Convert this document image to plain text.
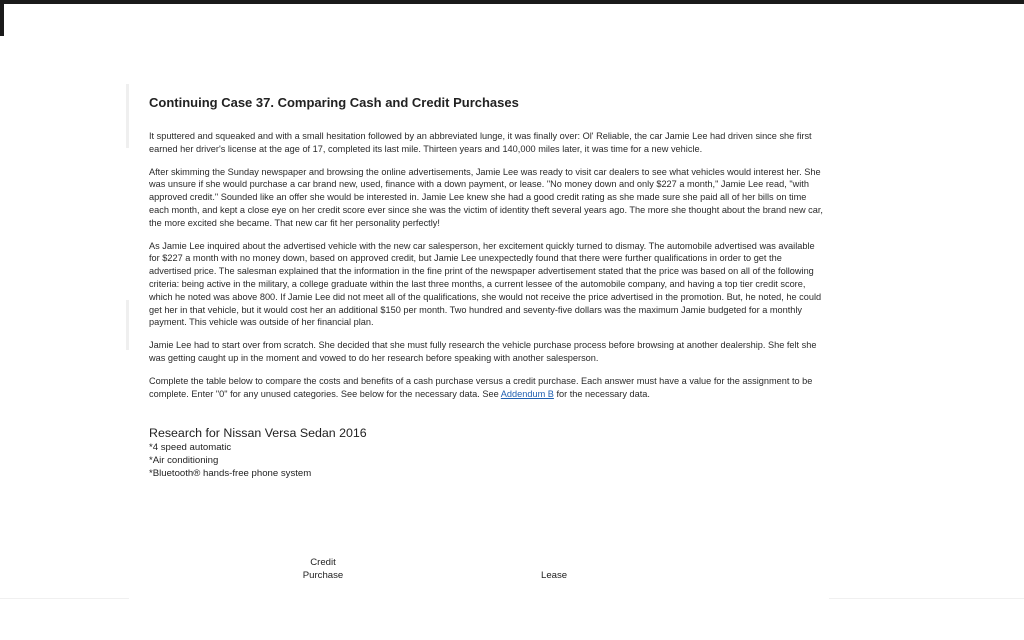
Continuing Case 37. Comparing Cash and Credit Purchases

It sputtered and squeaked and with a small hesitation followed by an abbreviated lunge, it was finally over: Ol' Reliable, the car Jamie Lee had driven since she first earned her driver's license at the age of 17, completed its last mile. Thirteen years and 140,000 miles later, it was time for a new vehicle.

After skimming the Sunday newspaper and browsing the online advertisements, Jamie Lee was ready to visit car dealers to see what vehicles would interest her. She was unsure if she would purchase a car brand new, used, finance with a down payment, or lease. "No money down and only $227 a month," Jamie Lee read, "with approved credit." Sounded like an offer she would be interested in. Jamie Lee knew she had a good credit rating as she made sure she paid all of her bills on time each month, and kept a close eye on her credit score ever since she was the victim of identity theft several years ago. The more she thought about the brand new car, the more excited she became. That new car fit her personality perfectly!

As Jamie Lee inquired about the advertised vehicle with the new car salesperson, her excitement quickly turned to dismay. The automobile advertised was available for $227 a month with no money down, based on approved credit, but Jamie Lee unexpectedly found that there were further qualifications in order to get the advertised price. The salesman explained that the information in the fine print of the newspaper advertisement stated that the price was based on all of the following criteria: being active in the military, a college graduate within the last three months, a current lessee of the automobile company, and having a top tier credit score, which he noted was above 800. If Jamie Lee did not meet all of the qualifications, she would not receive the price advertised in the promotion. But, he noted, he could get her in that vehicle, but it would cost her an additional $150 per month. Two hundred and seventy-five dollars was the maximum Jamie budgeted for a monthly payment. This vehicle was outside of her financial plan.

Jamie Lee had to start over from scratch. She decided that she must fully research the vehicle purchase process before browsing at another dealership. She felt she was getting caught up in the moment and vowed to do her research before speaking with another salesperson.

Complete the table below to compare the costs and benefits of a cash purchase versus a credit purchase. Each answer must have a value for the assignment to be complete. Enter "0" for any unused categories. See below for the necessary data. See Addendum B for the necessary data.

Research for Nissan Versa Sedan 2016

*4 speed automatic

*Air conditioning

*Bluetooth® hands-free phone system

Credit
Purchase	Lease
